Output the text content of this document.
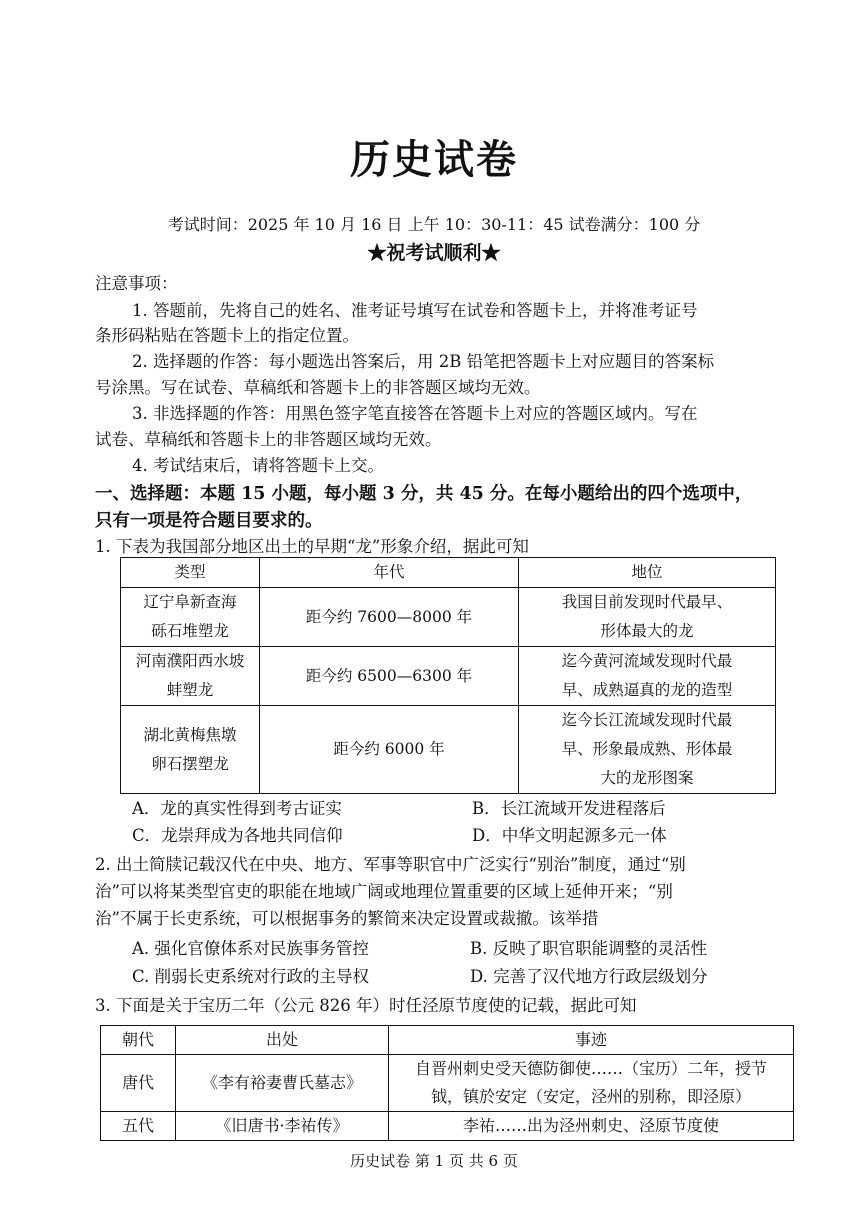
历史试卷
考试时间：2025 年 10 月 16 日 上午 10：30-11：45 试卷满分：100 分
★祝考试顺利★
注意事项：
1. 答题前，先将自己的姓名、准考证号填写在试卷和答题卡上，并将准考证号
条形码粘贴在答题卡上的指定位置。
2. 选择题的作答：每小题选出答案后，用 2B 铅笔把答题卡上对应题目的答案标
号涂黑。写在试卷、草稿纸和答题卡上的非答题区域均无效。
3. 非选择题的作答：用黑色签字笔直接答在答题卡上对应的答题区域内。写在
试卷、草稿纸和答题卡上的非答题区域均无效。
4. 考试结束后，请将答题卡上交。
一、选择题：本题 15 小题，每小题 3 分，共 45 分。在每小题给出的四个选项中，
只有一项是符合题目要求的。
1. 下表为我国部分地区出土的早期“龙”形象介绍，据此可知
类型	年代	地位
辽宁阜新查海
砾石堆塑龙	距今约 7600—8000 年	我国目前发现时代最早、
形体最大的龙
河南濮阳西水坡
蚌塑龙	距今约 6500—6300 年	迄今黄河流域发现时代最
早、成熟逼真的龙的造型
湖北黄梅焦墩
卵石摆塑龙	距今约 6000 年	迄今长江流域发现时代最
早、形象最成熟、形体最
大的龙形图案
A．龙的真实性得到考古证实	B．长江流域开发进程落后
C．龙崇拜成为各地共同信仰	D．中华文明起源多元一体
2. 出土简牍记载汉代在中央、地方、军事等职官中广泛实行“别治”制度，通过“别
治”可以将某类型官吏的职能在地域广阔或地理位置重要的区域上延伸开来；“别
治”不属于长吏系统，可以根据事务的繁简来决定设置或裁撤。该举措
A. 强化官僚体系对民族事务管控	B. 反映了职官职能调整的灵活性
C. 削弱长吏系统对行政的主导权	D. 完善了汉代地方行政层级划分
3. 下面是关于宝历二年（公元 826 年）时任泾原节度使的记载，据此可知
朝代	出处	事迹
唐代	《李有裕妻曹氏墓志》	自晋州刺史受天德防御使……（宝历）二年，授节
钺，镇於安定（安定，泾州的别称，即泾原）
五代	《旧唐书·李祐传》	李祐……出为泾州刺史、泾原节度使
历史试卷 第 1 页 共 6 页
